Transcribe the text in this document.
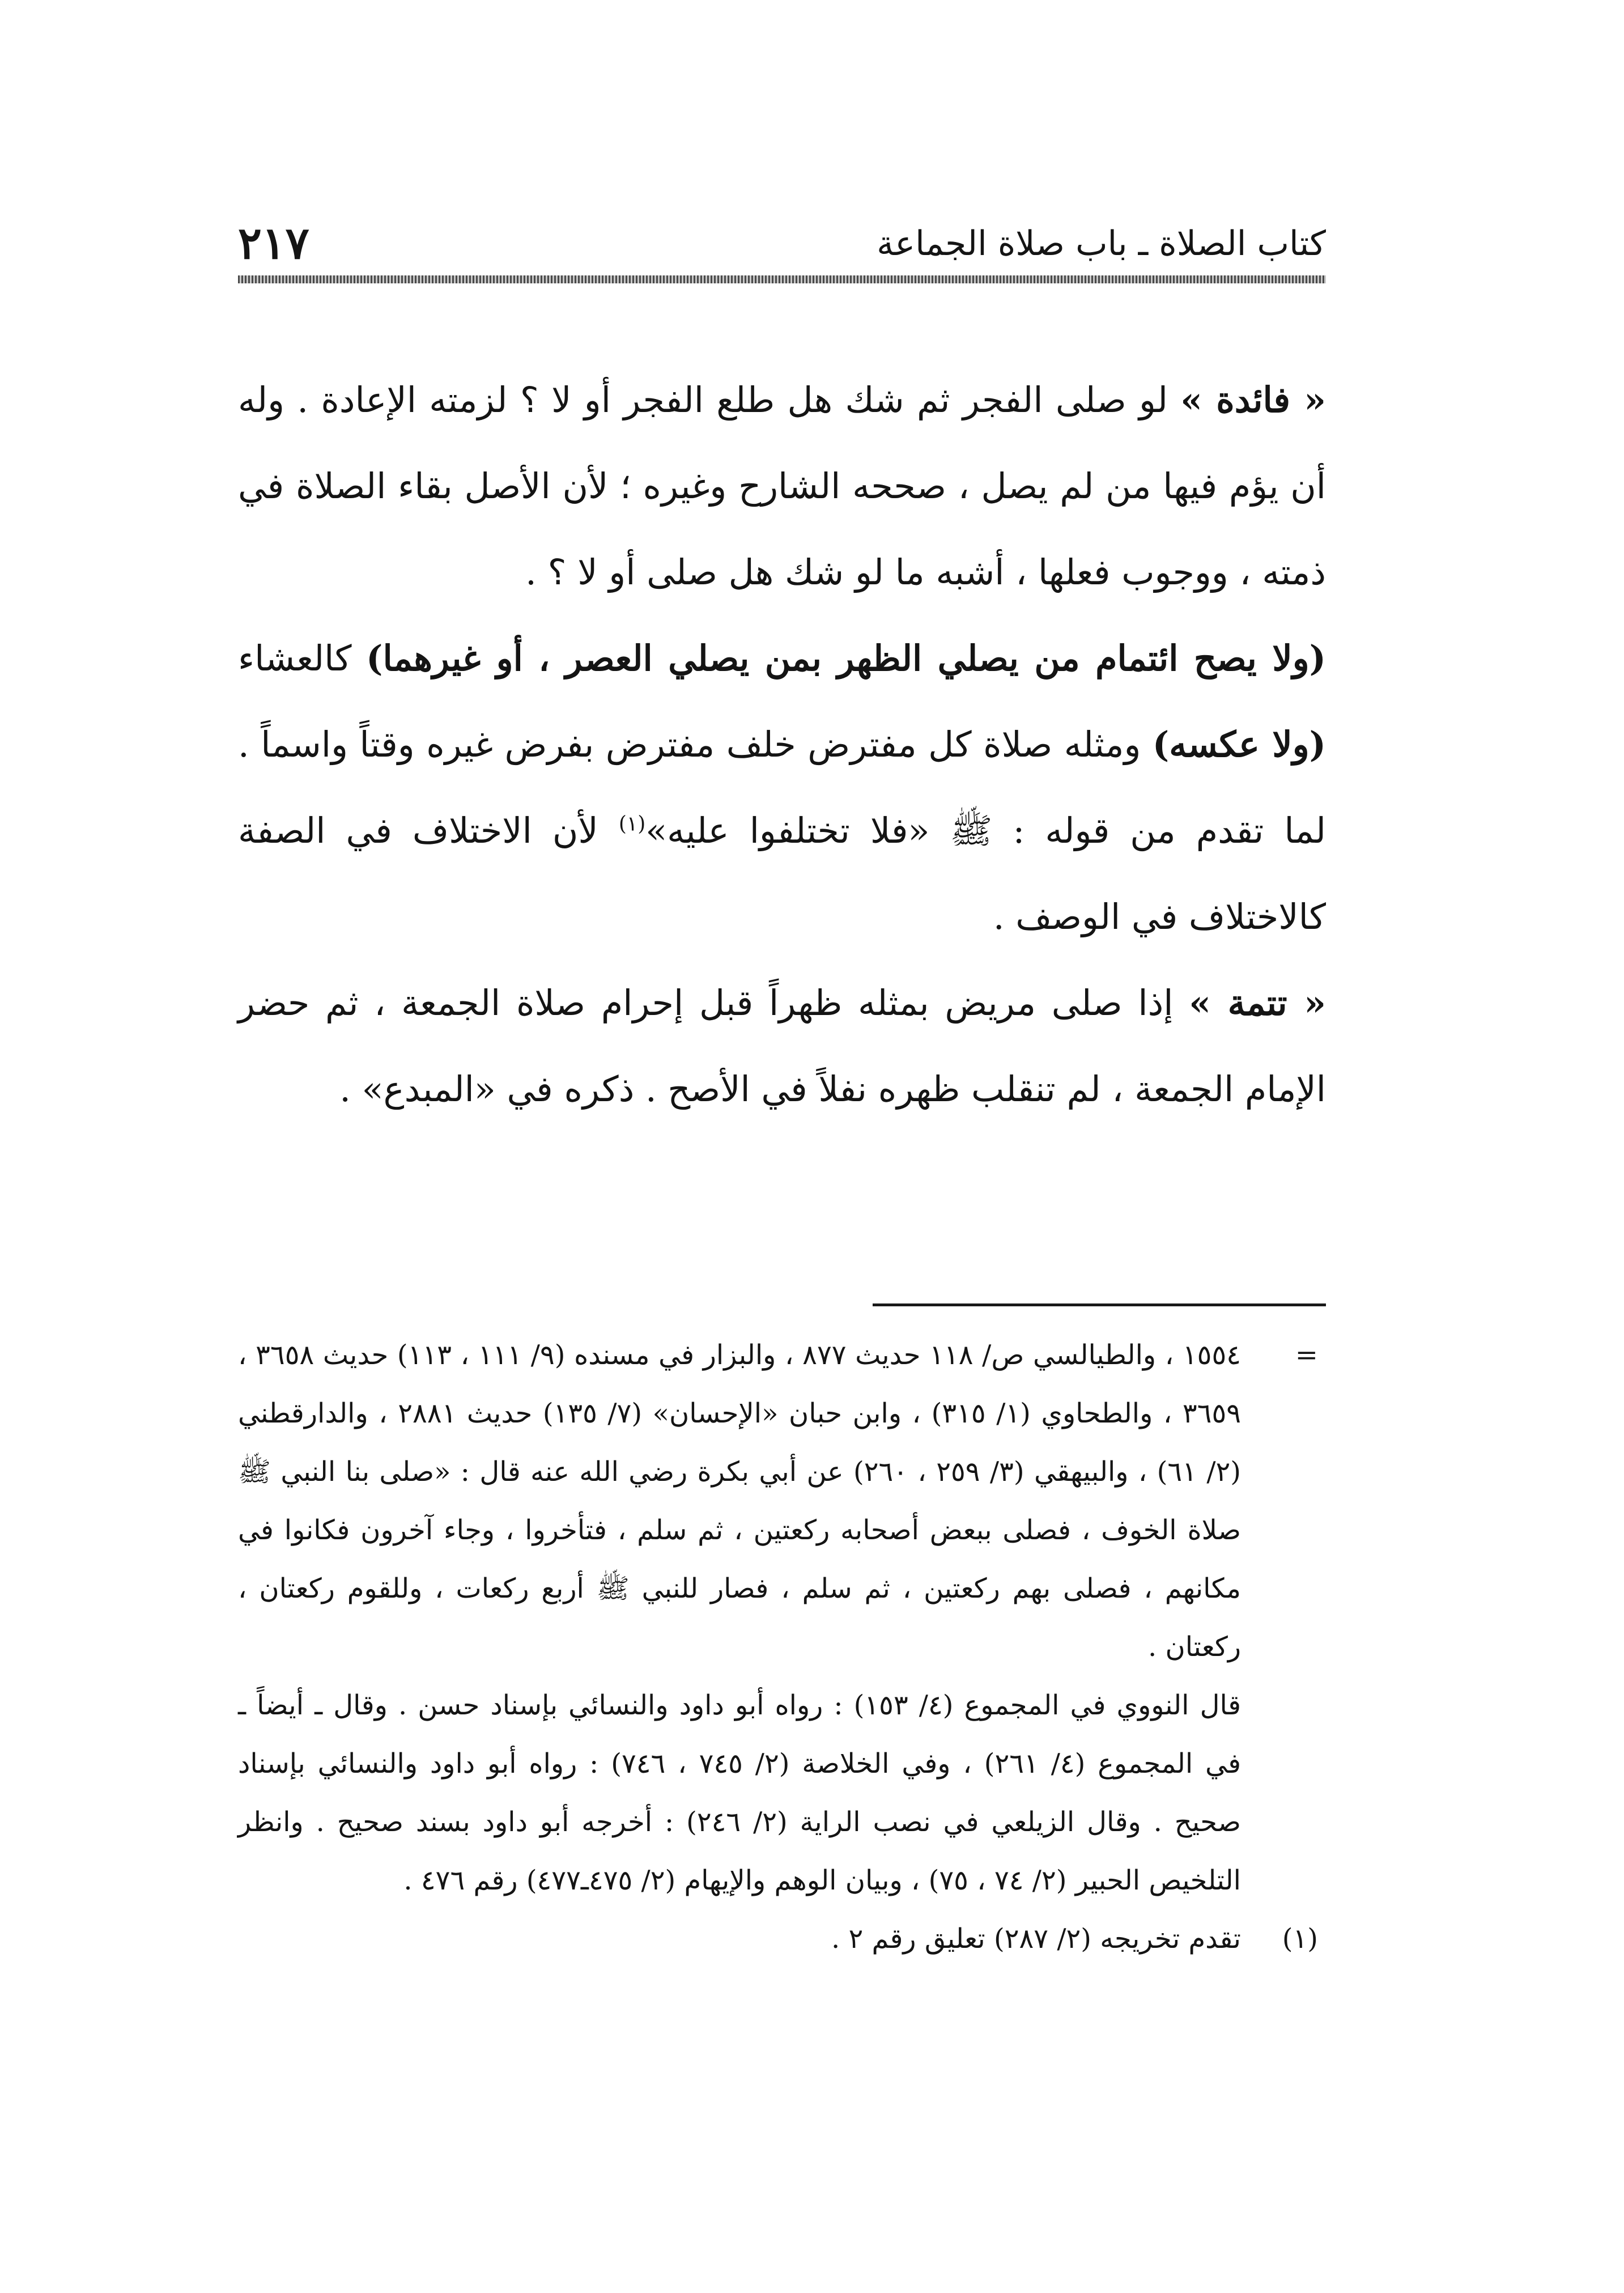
٢١٧	كتاب الصلاة ـ باب صلاة الجماعة

« فائدة » لو صلى الفجر ثم شك هل طلع الفجر أو لا ؟ لزمته الإعادة . وله أن يؤم فيها من لم يصل ، صححه الشارح وغيره ؛ لأن الأصل بقاء الصلاة في ذمته ، ووجوب فعلها ، أشبه ما لو شك هل صلى أو لا ؟ .

(ولا يصح ائتمام من يصلي الظهر بمن يصلي العصر ، أو غيرهما) كالعشاء (ولا عكسه) ومثله صلاة كل مفترض خلف مفترض بفرض غيره وقتاً واسماً . لما تقدم من قوله : ﷺ «فلا تختلفوا عليه»$^{(١)}$ لأن الاختلاف في الصفة كالاختلاف في الوصف .

« تتمة » إذا صلى مريض بمثله ظهراً قبل إحرام صلاة الجمعة ، ثم حضر الإمام الجمعة ، لم تنقلب ظهره نفلاً في الأصح . ذكره في «المبدع» .

=

١٥٥٤ ، والطيالسي ص/ ١١٨ حديث ٨٧٧ ، والبزار في مسنده (٩/ ١١١ ، ١١٣) حديث ٣٦٥٨ ، ٣٦٥٩ ، والطحاوي (١/ ٣١٥) ، وابن حبان «الإحسان» (٧/ ١٣٥) حديث ٢٨٨١ ، والدارقطني (٢/ ٦١) ، والبيهقي (٣/ ٢٥٩ ، ٢٦٠) عن أبي بكرة رضي الله عنه قال : «صلى بنا النبي ﷺ صلاة الخوف ، فصلى ببعض أصحابه ركعتين ، ثم سلم ، فتأخروا ، وجاء آخرون فكانوا في مكانهم ، فصلى بهم ركعتين ، ثم سلم ، فصار للنبي ﷺ أربع ركعات ، وللقوم ركعتان ، ركعتان .

قال النووي في المجموع (٤/ ١٥٣) : رواه أبو داود والنسائي بإسناد حسن . وقال ـ أيضاً ـ في المجموع (٤/ ٢٦١) ، وفي الخلاصة (٢/ ٧٤٥ ، ٧٤٦) : رواه أبو داود والنسائي بإسناد صحيح . وقال الزيلعي في نصب الراية (٢/ ٢٤٦) : أخرجه أبو داود بسند صحيح . وانظر التلخيص الحبير (٢/ ٧٤ ، ٧٥) ، وبيان الوهم والإيهام (٢/ ٤٧٥ـ٤٧٧) رقم ٤٧٦ .

(١)

تقدم تخريجه (٢/ ٢٨٧) تعليق رقم ٢ .
